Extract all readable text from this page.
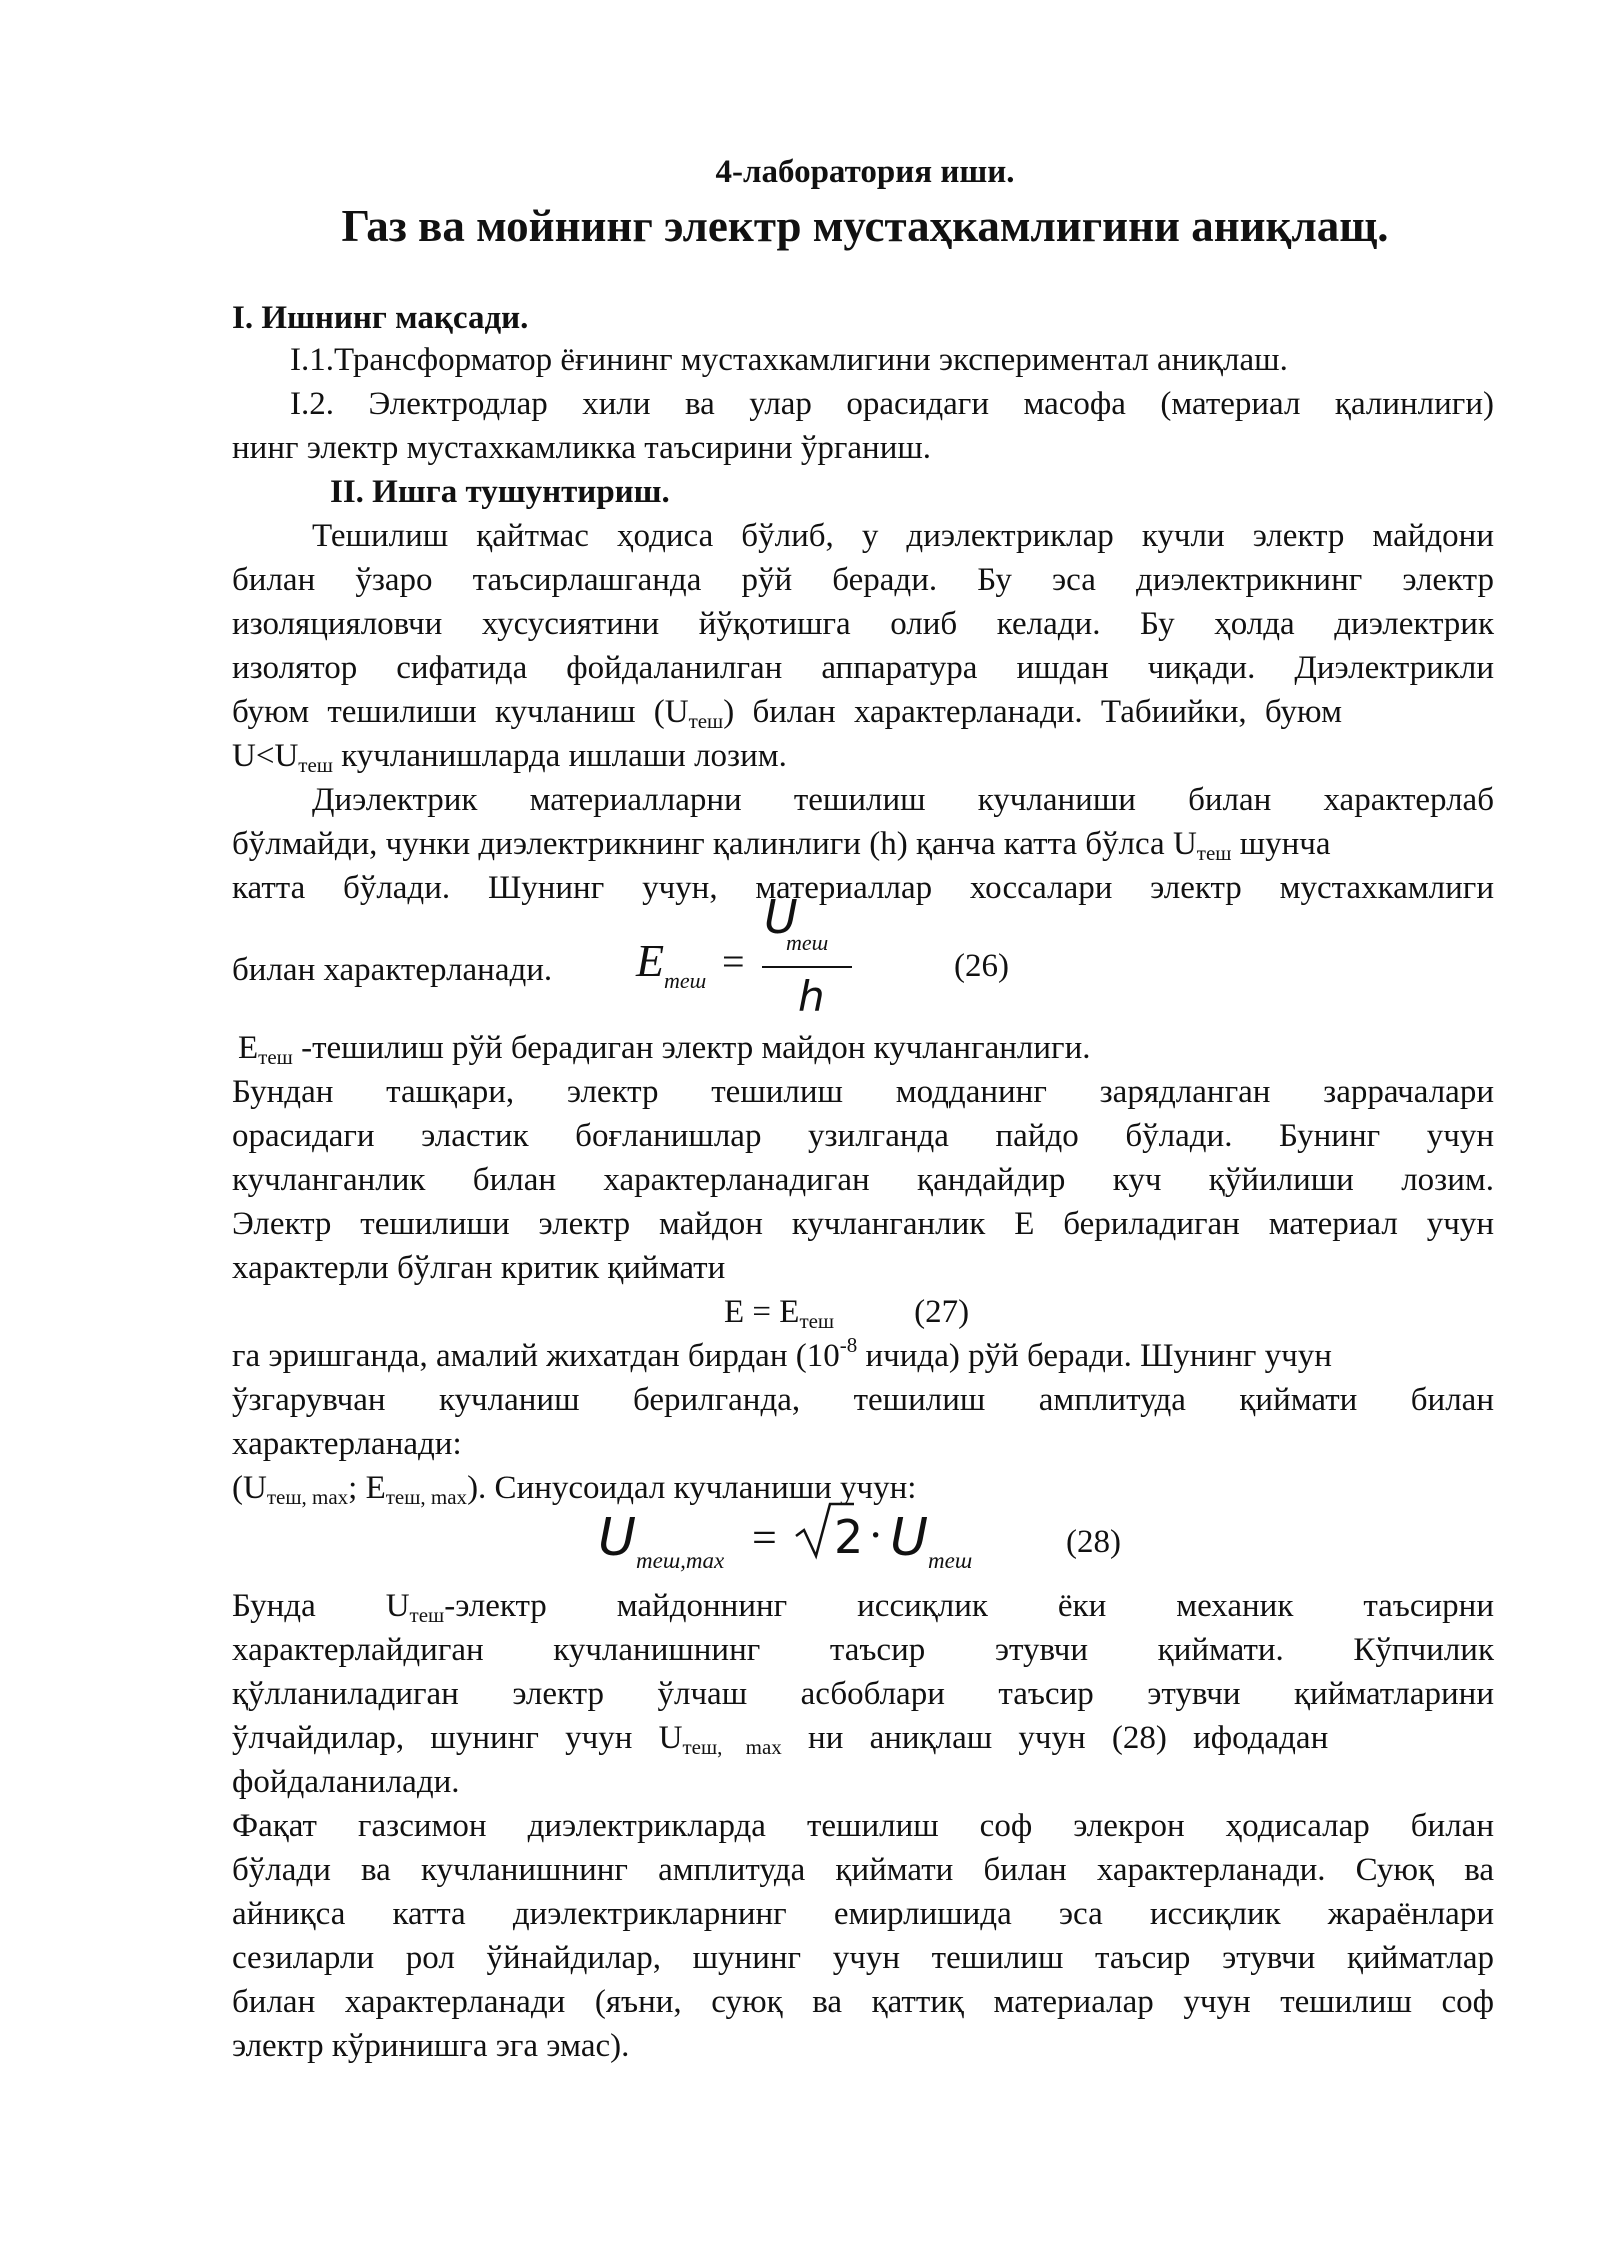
4-лаборатория иши.
Газ ва мойнинг электр мустаҳкамлигини аниқлащ.
I. Ишнинг мақсади.
I.1.Трансформатор ёғининг мустахкамлигини экспериментал аниқлаш.
I.2. Электродлар хили ва улар орасидаги масофа (материал қалинлиги)
нинг электр мустахкамликка таъсирини ўрганиш.
II. Ишга тушунтириш.
Тешилиш қайтмас ҳодиса бўлиб, у диэлектриклар кучли электр майдони
билан ўзаро таъсирлашганда рўй беради. Бу эса диэлектрикнинг электр
изоляцияловчи хусусиятини йўқотишга олиб келади. Бу ҳолда диэлектрик
изолятор сифатида фойдаланилган аппаратура ишдан чиқади. Диэлектрикли
буюм тешилиши кучланиш $(U_{теш})$ билан характерланади. Табиийки, буюм
$U<U_{теш}$ кучланишларда ишлаши лозим.
Диэлектрик материалларни тешилиш кучланиши билан характерлаб
бўлмайди, чунки диэлектрикнинг қалинлиги (h) қанча катта бўлса $U_{теш}$ шунча
катта бўлади. Шунинг учун, материаллар хоссалари электр мустахкамлиги
билан характерланади.	E теш =
U
теш
h
(26)
$E_{теш}$ -тешилиш рўй берадиган электр майдон кучланганлиги.
Бундан ташқари, электр тешилиш модданинг зарядланган заррачалари
орасидаги эластик боғланишлар узилганда пайдо бўлади. Бунинг учун
кучланганлик билан характерланадиган қандайдир куч қўйилиши лозим.
Электр тешилиши электр майдон кучланганлик E бериладиган материал учун
характерли бўлган критик қиймати
$E = E_{теш}$ (27)
га эришганда, амалий жихатдан бирдан ($10^{-8}$ ичида) рўй беради. Шунинг учун
ўзгарувчан кучланиш берилганда, тешилиш амплитуда қиймати билан
характерланади:
($U_{теш, max}$; $E_{теш, max}$). Синусоидал кучланиши учун:
U теш,max = 2 · U теш
(28)
Бунда $U_{теш}$-электр майдоннинг иссиқлик ёки механик таъсирни
характерлайдиган кучланишнинг таъсир этувчи қиймати. Кўпчилик
қўлланиладиган электр ўлчаш асбоблари таъсир этувчи қийматларини
ўлчайдилар, шунинг учун $U_{теш, max}$ ни аниқлаш учун (28) ифодадан
фойдаланилади.
Фақат газсимон диэлектрикларда тешилиш соф элекрон ҳодисалар билан
бўлади ва кучланишнинг амплитуда қиймати билан характерланади. Суюқ ва
айниқса катта диэлектрикларнинг емирлишида эса иссиқлик жараёнлари
сезиларли рол ўйнайдилар, шунинг учун тешилиш таъсир этувчи қийматлар
билан характерланади (яъни, суюқ ва қаттиқ материалар учун тешилиш соф
электр кўринишга эга эмас).
